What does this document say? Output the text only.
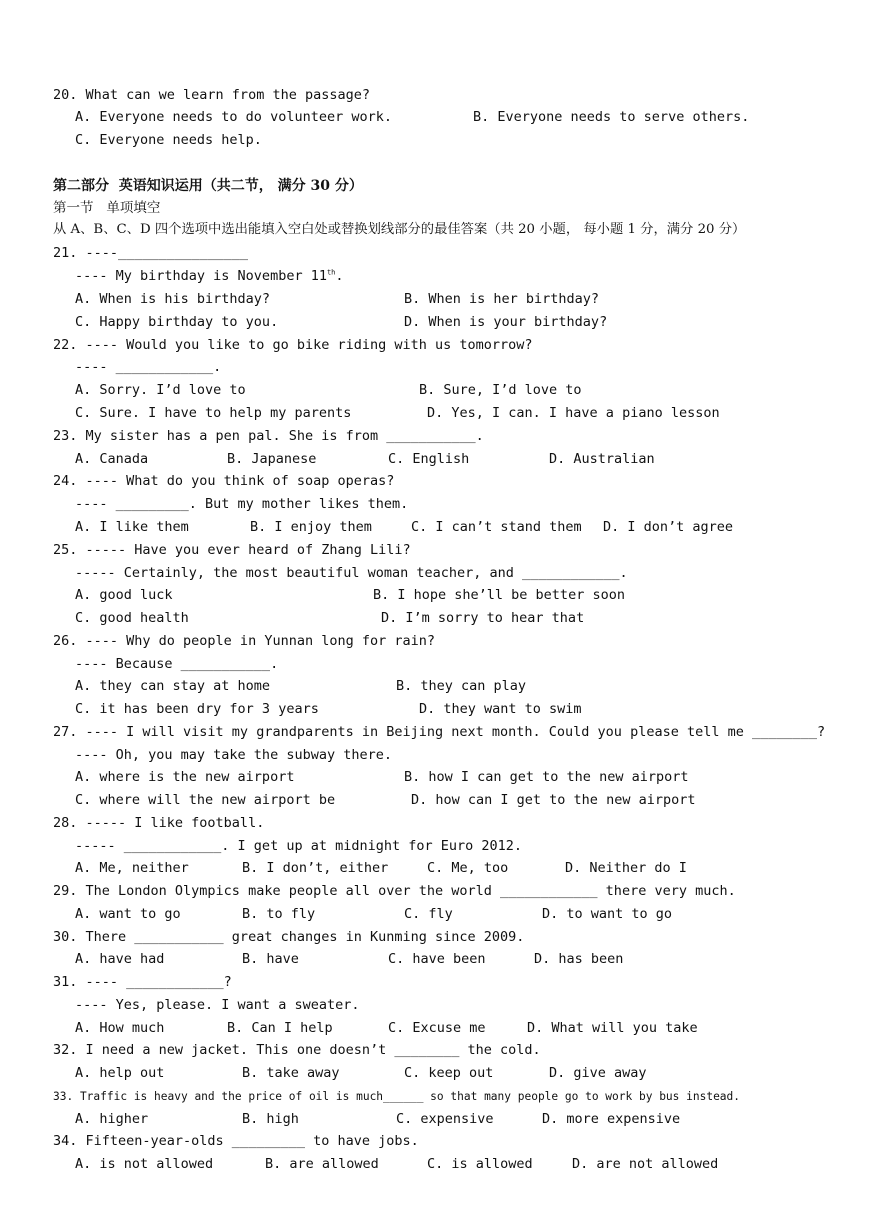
20. What can we learn from the passage?
A. Everyone needs to do volunteer work.	B. Everyone needs to serve others.
C. Everyone needs help.
第二部分  英语知识运用（共二节， 满分 30 分）
第一节   单项填空
从 A、B、C、D 四个选项中选出能填入空白处或替换划线部分的最佳答案（共 20 小题， 每小题 1 分，满分 20 分）
21. ----________________
---- My birthday is November 11th.
A. When is his birthday?	B. When is her birthday?
C. Happy birthday to you.	D. When is your birthday?
22. ---- Would you like to go bike riding with us tomorrow?
---- ____________.
A. Sorry. I’d love to	B. Sure, I’d love to
C. Sure. I have to help my parents	D. Yes, I can. I have a piano lesson
23. My sister has a pen pal. She is from ___________.
A. Canada	B. Japanese	C. English	D. Australian
24. ---- What do you think of soap operas?
---- _________. But my mother likes them.
A. I like them	B. I enjoy them	C. I can’t stand them D. I don’t agree
25. ----- Have you ever heard of Zhang Lili?
----- Certainly, the most beautiful woman teacher, and ____________.
A. good luck	B. I hope she’ll be better soon
C. good health	D. I’m sorry to hear that
26. ---- Why do people in Yunnan long for rain?
---- Because ___________.
A. they can stay at home	B. they can play
C. it has been dry for 3 years	D. they want to swim
27. ---- I will visit my grandparents in Beijing next month. Could you please tell me ________?
---- Oh, you may take the subway there.
A. where is the new airport	B. how I can get to the new airport
C. where will the new airport be	D. how can I get to the new airport
28. ----- I like football.
----- ____________. I get up at midnight for Euro 2012.
A. Me, neither	B. I don’t, either	C. Me, too	D. Neither do I
29. The London Olympics make people all over the world ____________ there very much.
A. want to go	B. to fly	C. fly	D. to want to go
30. There ___________ great changes in Kunming since 2009.
A. have had	B. have	C. have been	D. has been
31. ---- ____________?
---- Yes, please. I want a sweater.
A. How much	B. Can I help	C. Excuse me	D. What will you take
32. I need a new jacket. This one doesn’t ________ the cold.
A. help out	B. take away	C. keep out	D. give away
33. Traffic is heavy and the price of oil is much______ so that many people go to work by bus instead.
A. higher	B. high	C. expensive	D. more expensive
34. Fifteen-year-olds _________ to have jobs.
A. is not allowed	B. are allowed	C. is allowed	D. are not allowed
